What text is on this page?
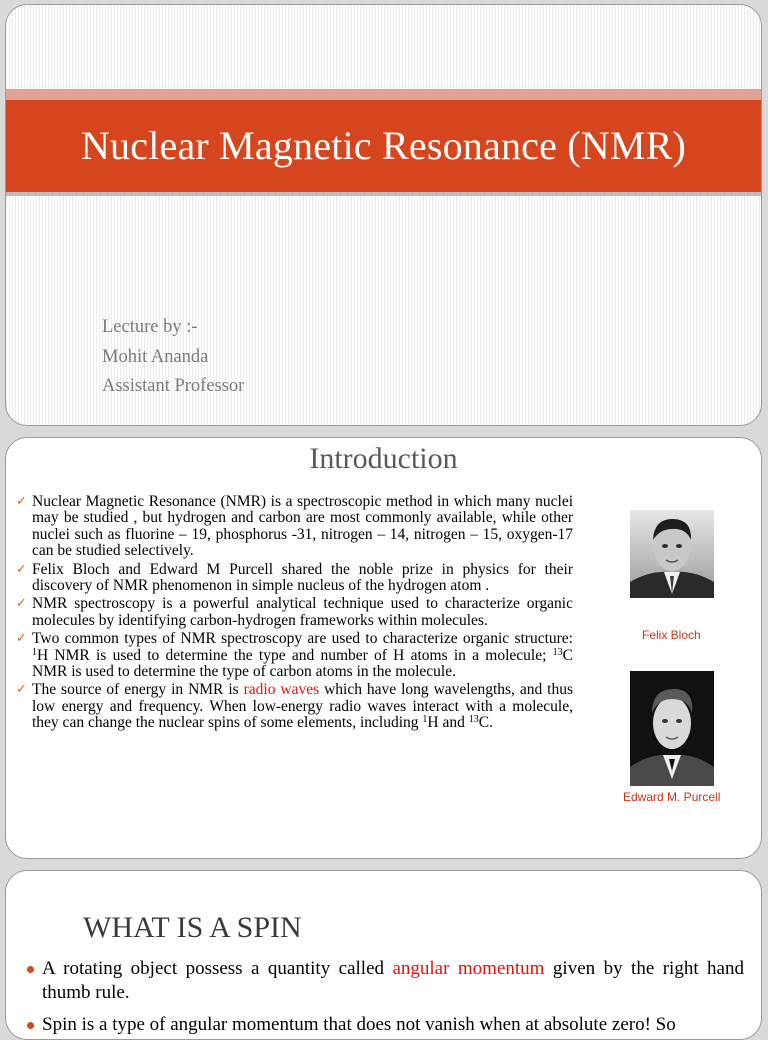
Nuclear Magnetic Resonance (NMR)
Lecture by :-
Mohit Ananda
Assistant Professor
Introduction
✓ Nuclear Magnetic Resonance (NMR) is a spectroscopic method in which many nuclei may be studied , but hydrogen and carbon are most commonly available, while other nuclei such as fluorine – 19, phosphorus -31, nitrogen – 14, nitrogen – 15, oxygen-17 can be studied selectively.
✓ Felix Bloch and Edward M Purcell shared the noble prize in physics for their discovery of NMR phenomenon in simple nucleus of the hydrogen atom .
✓ NMR spectroscopy is a powerful analytical technique used to characterize organic molecules by identifying carbon-hydrogen frameworks within molecules.
✓ Two common types of NMR spectroscopy are used to characterize organic structure: $^1$H NMR is used to determine the type and number of H atoms in a molecule; $^{13}$C NMR is used to determine the type of carbon atoms in the molecule.
✓ The source of energy in NMR is radio waves which have long wavelengths, and thus low energy and frequency. When low-energy radio waves interact with a molecule, they can change the nuclear spins of some elements, including $^1$H and $^{13}$C.
Felix Bloch
Edward M. Purcell
WHAT IS A SPIN
A rotating object possess a quantity called angular momentum given by the right hand thumb rule.
Spin is a type of angular momentum that does not vanish when at absolute zero! So
